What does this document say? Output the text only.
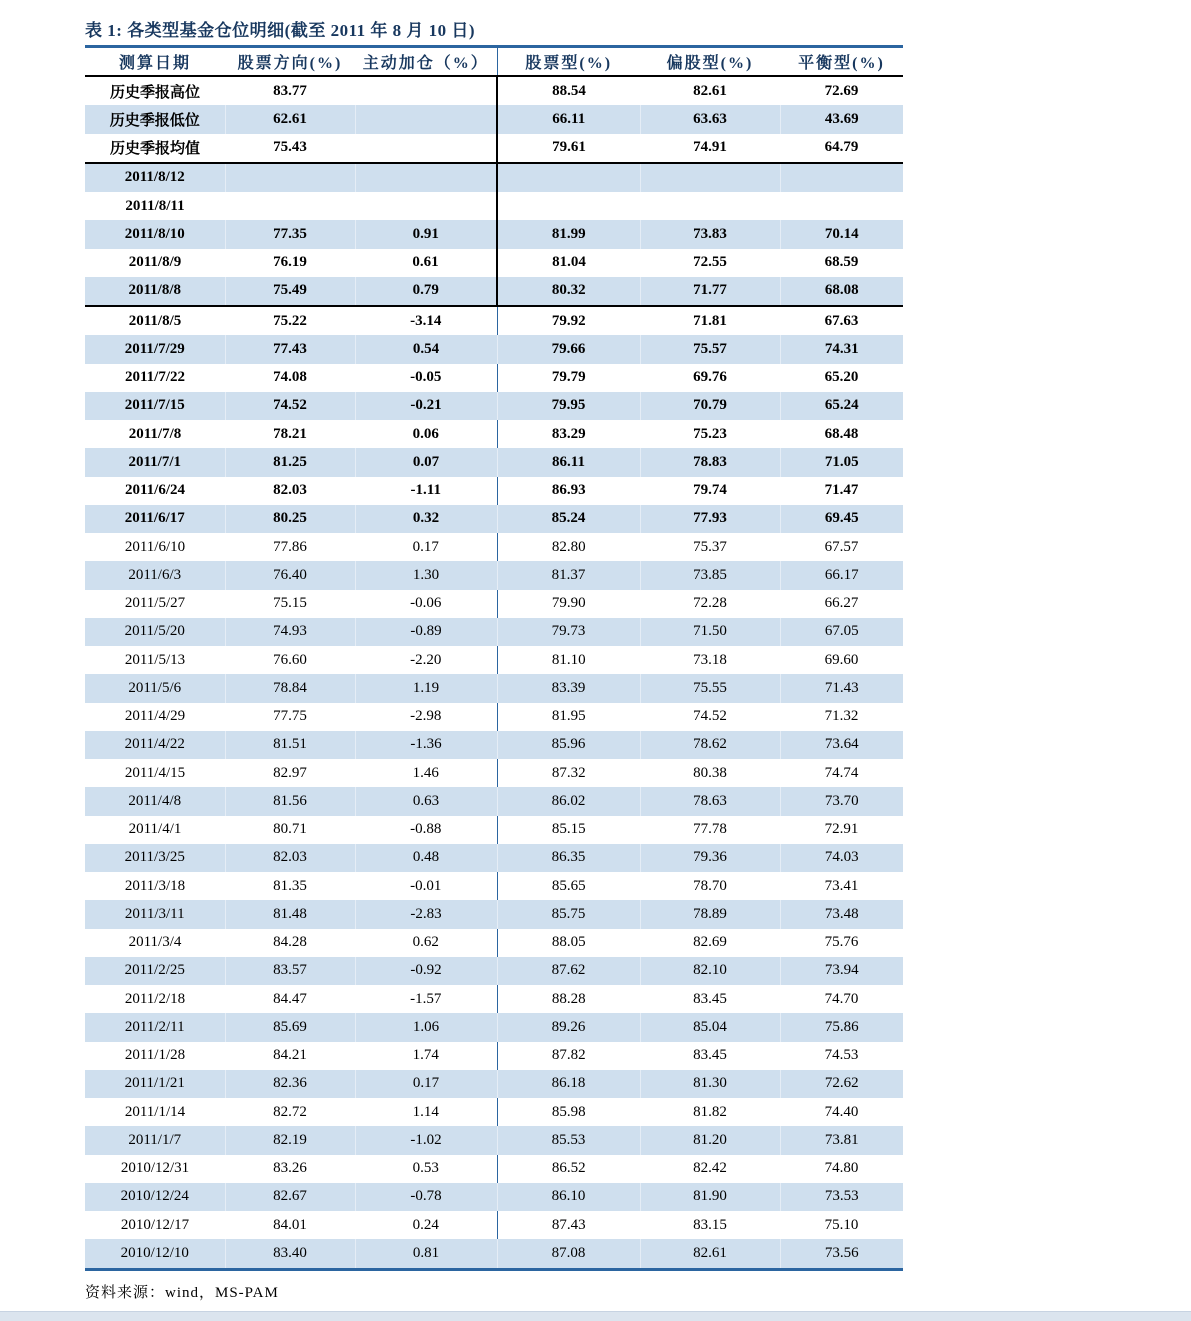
表 1: 各类型基金仓位明细(截至 2011 年 8 月 10 日)
测算日期	股票方向(%)	主动加仓（%）	股票型(%)	偏股型(%)	平衡型(%)
历史季报高位	83.77		88.54	82.61	72.69
历史季报低位	62.61		66.11	63.63	43.69
历史季报均值	75.43		79.61	74.91	64.79
2011/8/12					
2011/8/11					
2011/8/10	77.35	0.91	81.99	73.83	70.14
2011/8/9	76.19	0.61	81.04	72.55	68.59
2011/8/8	75.49	0.79	80.32	71.77	68.08
2011/8/5	75.22	-3.14	79.92	71.81	67.63
2011/7/29	77.43	0.54	79.66	75.57	74.31
2011/7/22	74.08	-0.05	79.79	69.76	65.20
2011/7/15	74.52	-0.21	79.95	70.79	65.24
2011/7/8	78.21	0.06	83.29	75.23	68.48
2011/7/1	81.25	0.07	86.11	78.83	71.05
2011/6/24	82.03	-1.11	86.93	79.74	71.47
2011/6/17	80.25	0.32	85.24	77.93	69.45
2011/6/10	77.86	0.17	82.80	75.37	67.57
2011/6/3	76.40	1.30	81.37	73.85	66.17
2011/5/27	75.15	-0.06	79.90	72.28	66.27
2011/5/20	74.93	-0.89	79.73	71.50	67.05
2011/5/13	76.60	-2.20	81.10	73.18	69.60
2011/5/6	78.84	1.19	83.39	75.55	71.43
2011/4/29	77.75	-2.98	81.95	74.52	71.32
2011/4/22	81.51	-1.36	85.96	78.62	73.64
2011/4/15	82.97	1.46	87.32	80.38	74.74
2011/4/8	81.56	0.63	86.02	78.63	73.70
2011/4/1	80.71	-0.88	85.15	77.78	72.91
2011/3/25	82.03	0.48	86.35	79.36	74.03
2011/3/18	81.35	-0.01	85.65	78.70	73.41
2011/3/11	81.48	-2.83	85.75	78.89	73.48
2011/3/4	84.28	0.62	88.05	82.69	75.76
2011/2/25	83.57	-0.92	87.62	82.10	73.94
2011/2/18	84.47	-1.57	88.28	83.45	74.70
2011/2/11	85.69	1.06	89.26	85.04	75.86
2011/1/28	84.21	1.74	87.82	83.45	74.53
2011/1/21	82.36	0.17	86.18	81.30	72.62
2011/1/14	82.72	1.14	85.98	81.82	74.40
2011/1/7	82.19	-1.02	85.53	81.20	73.81
2010/12/31	83.26	0.53	86.52	82.42	74.80
2010/12/24	82.67	-0.78	86.10	81.90	73.53
2010/12/17	84.01	0.24	87.43	83.15	75.10
2010/12/10	83.40	0.81	87.08	82.61	73.56
资料来源：wind，MS-PAM
